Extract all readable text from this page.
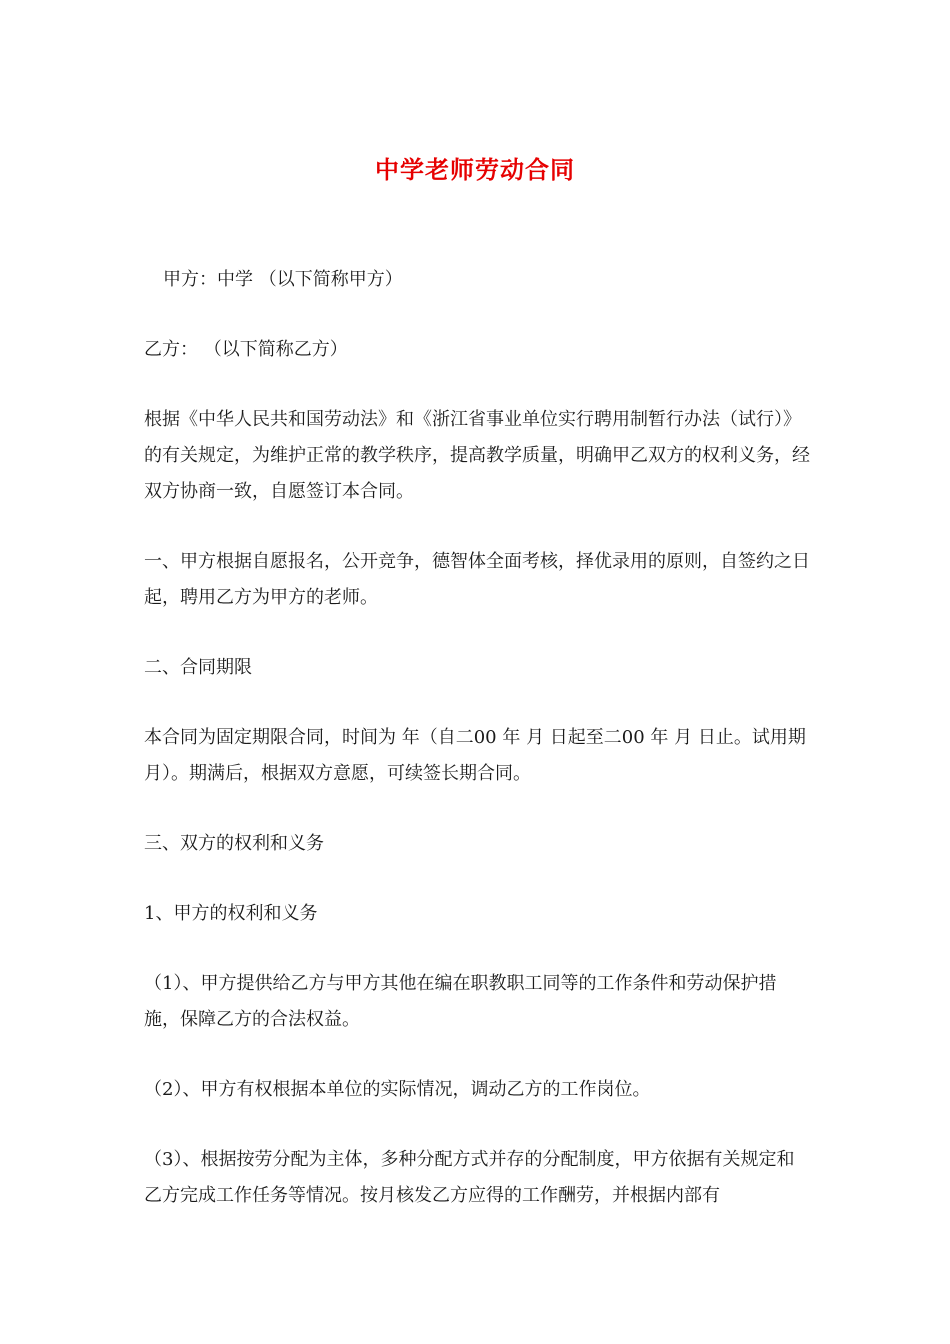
中学老师劳动合同

甲方：中学 （以下简称甲方）

乙方： （以下简称乙方）

根据《中华人民共和国劳动法》和《浙江省事业单位实行聘用制暂行办法（试行）》的有关规定，为维护正常的教学秩序，提高教学质量，明确甲乙双方的权利义务，经双方协商一致，自愿签订本合同。

一、甲方根据自愿报名，公开竞争，德智体全面考核，择优录用的原则，自签约之日起，聘用乙方为甲方的老师。

二、合同期限

本合同为固定期限合同，时间为 年（自二00 年 月 日起至二00 年 月 日止。试用期 月）。期满后，根据双方意愿，可续签长期合同。

三、双方的权利和义务

1、甲方的权利和义务

（1）、甲方提供给乙方与甲方其他在编在职教职工同等的工作条件和劳动保护措施，保障乙方的合法权益。

（2）、甲方有权根据本单位的实际情况，调动乙方的工作岗位。

（3）、根据按劳分配为主体，多种分配方式并存的分配制度，甲方依据有关规定和乙方完成工作任务等情况。按月核发乙方应得的工作酬劳，并根据内部有
